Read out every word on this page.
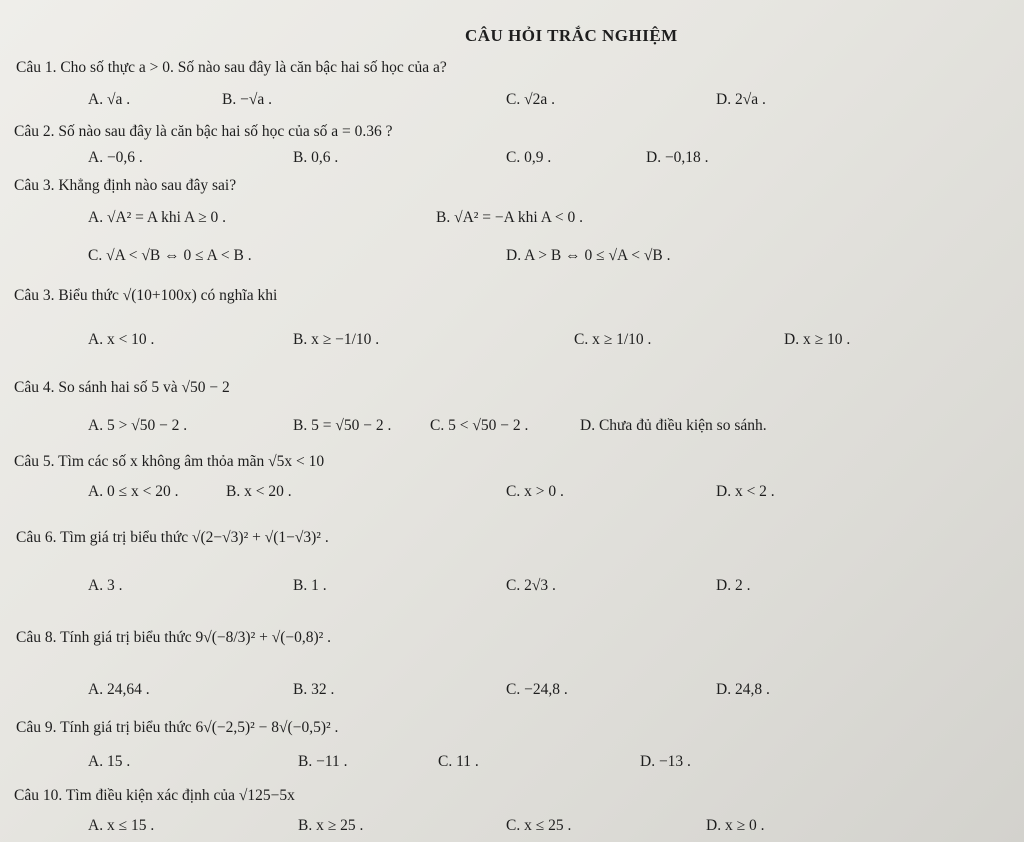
CÂU HỎI TRẮC NGHIỆM
Câu 1. Cho số thực a > 0. Số nào sau đây là căn bậc hai số học của a?
A. √a .	B. −√a .	C. √2a .	D. 2√a .
Câu 2. Số nào sau đây là căn bậc hai số học của số a = 0.36 ?
A. −0,6 .	B. 0,6 .	C. 0,9 .	D. −0,18 .
Câu 3. Khẳng định nào sau đây sai?
A. √A² = A khi A ≥ 0 .	B. √A² = −A khi A < 0 .
C. √A < √B ⇔ 0 ≤ A < B .	D. A > B ⇔ 0 ≤ √A < √B .
Câu 3. Biểu thức √(10+100x) có nghĩa khi
A. x < 10 .	B. x ≥ −1/10 .	C. x ≥ 1/10 .	D. x ≥ 10 .
Câu 4. So sánh hai số 5 và √50 − 2
A. 5 > √50 − 2 .	B. 5 = √50 − 2 . C. 5 < √50 − 2 .	D. Chưa đủ điều kiện so sánh.
Câu 5. Tìm các số x không âm thỏa mãn √5x < 10
A. 0 ≤ x < 20 .	B. x < 20 .	C. x > 0 .	D. x < 2 .
Câu 6. Tìm giá trị biểu thức √(2−√3)² + √(1−√3)² .
A. 3 .	B. 1 .	C. 2√3 .	D. 2 .
Câu 8. Tính giá trị biểu thức 9√(−8/3)² + √(−0,8)² .
A. 24,64 .	B. 32 .	C. −24,8 .	D. 24,8 .
Câu 9. Tính giá trị biểu thức 6√(−2,5)² − 8√(−0,5)² .
A. 15 .	B. −11 .	C. 11 .	D. −13 .
Câu 10. Tìm điều kiện xác định của √125−5x
A. x ≤ 15 .	B. x ≥ 25 .	C. x ≤ 25 .	D. x ≥ 0 .
